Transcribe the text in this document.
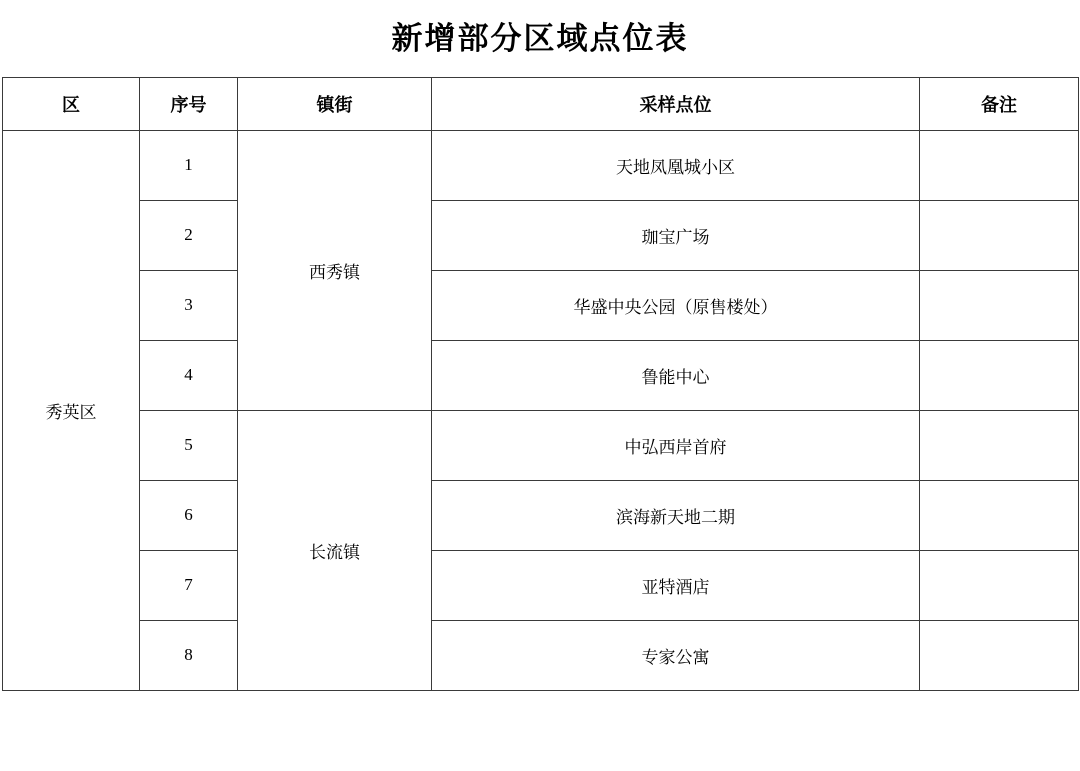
新增部分区域点位表
区	序号	镇街	采样点位	备注
秀英区	1	西秀镇	天地凤凰城小区	
	2		珈宝广场	
	3		华盛中央公园（原售楼处）	
	4		鲁能中心	
	5	长流镇	中弘西岸首府	
	6		滨海新天地二期	
	7		亚特酒店	
	8		专家公寓	
